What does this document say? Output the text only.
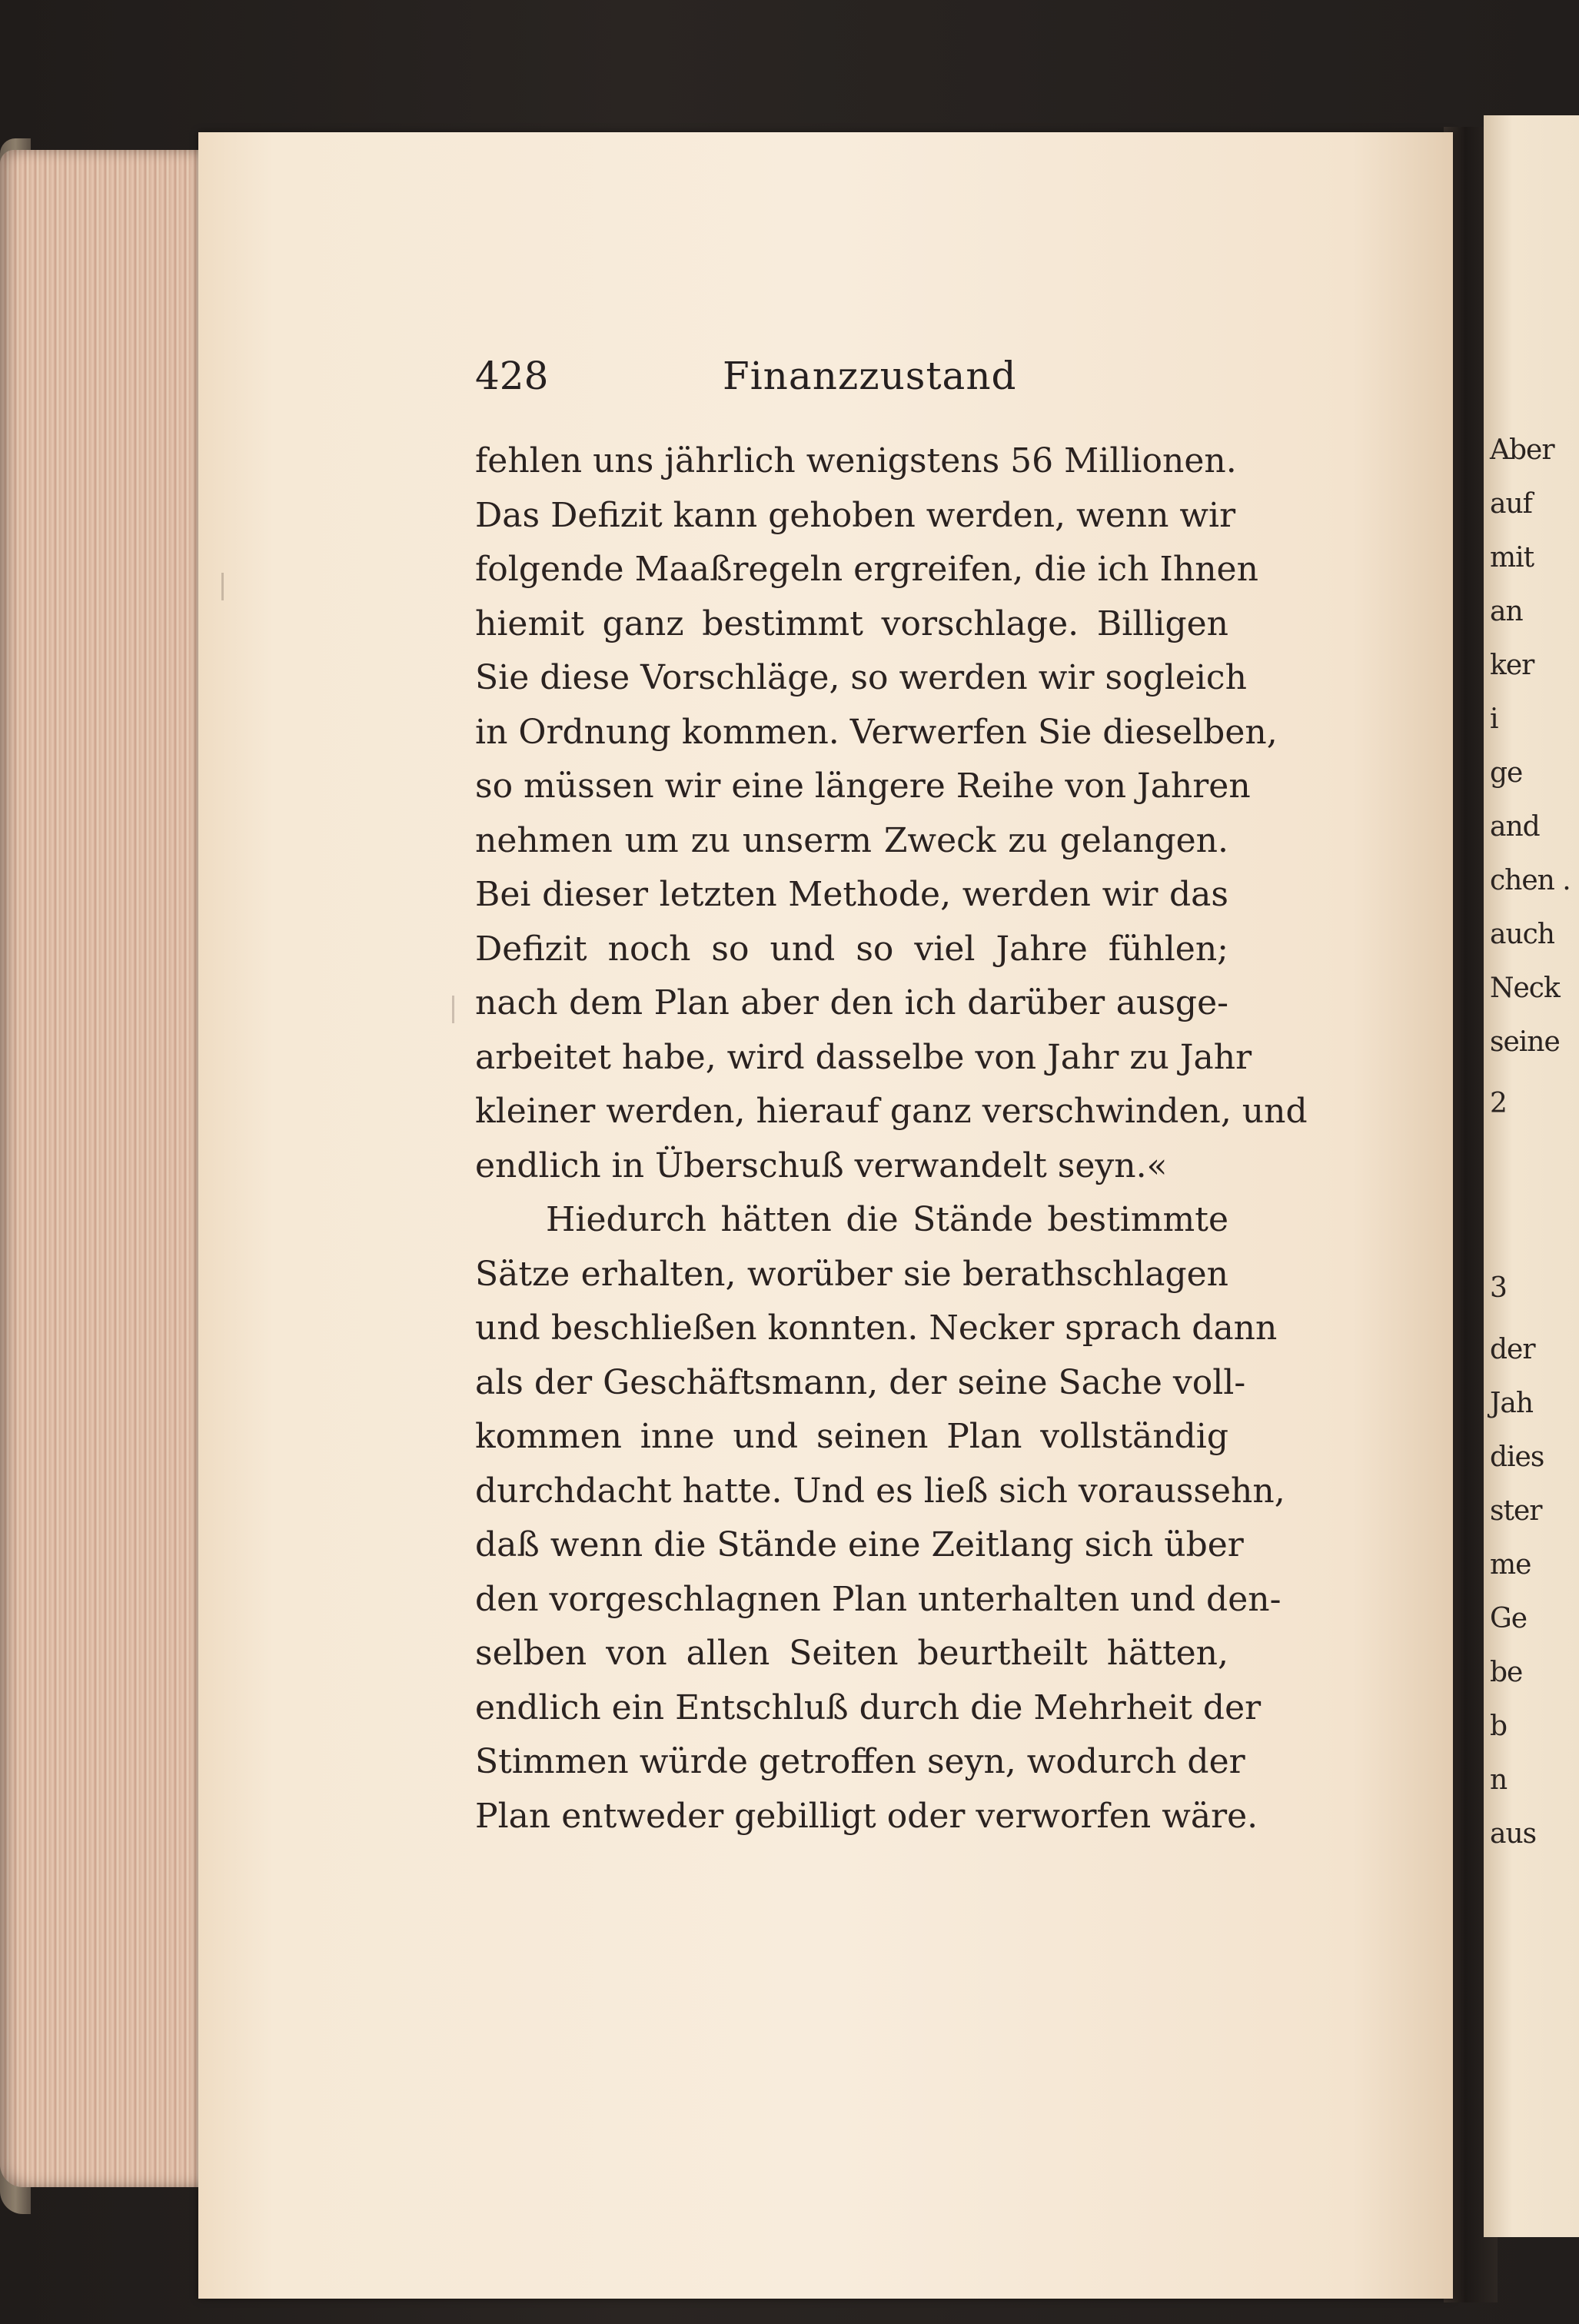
Aber
auf
mit
an
ker
i
ge
and
chen .
auch
Neck
seine
2
3
der
Jah
dies
ster
me
Ge
be
b
n
aus
428	Finanzzustand
fehlen uns jährlich wenigstens 56 Millionen.
Das Defizit kann gehoben werden, wenn wir
folgende Maaßregeln ergreifen, die ich Ihnen
hiemit ganz bestimmt vorschlage. Billigen
Sie diese Vorschläge, so werden wir sogleich
in Ordnung kommen. Verwerfen Sie dieselben,
so müssen wir eine längere Reihe von Jahren
nehmen um zu unserm Zweck zu gelangen.
Bei dieser letzten Methode, werden wir das
Defizit noch so und so viel Jahre fühlen;
nach dem Plan aber den ich darüber ausge-
arbeitet habe, wird dasselbe von Jahr zu Jahr
kleiner werden, hierauf ganz verschwinden, und
endlich in Überschuß verwandelt seyn.«
Hiedurch hätten die Stände bestimmte
Sätze erhalten, worüber sie berathschlagen
und beschließen konnten. Necker sprach dann
als der Geschäftsmann, der seine Sache voll-
kommen inne und seinen Plan vollständig
durchdacht hatte. Und es ließ sich voraussehn,
daß wenn die Stände eine Zeitlang sich über
den vorgeschlagnen Plan unterhalten und den-
selben von allen Seiten beurtheilt hätten,
endlich ein Entschluß durch die Mehrheit der
Stimmen würde getroffen seyn, wodurch der
Plan entweder gebilligt oder verworfen wäre.
